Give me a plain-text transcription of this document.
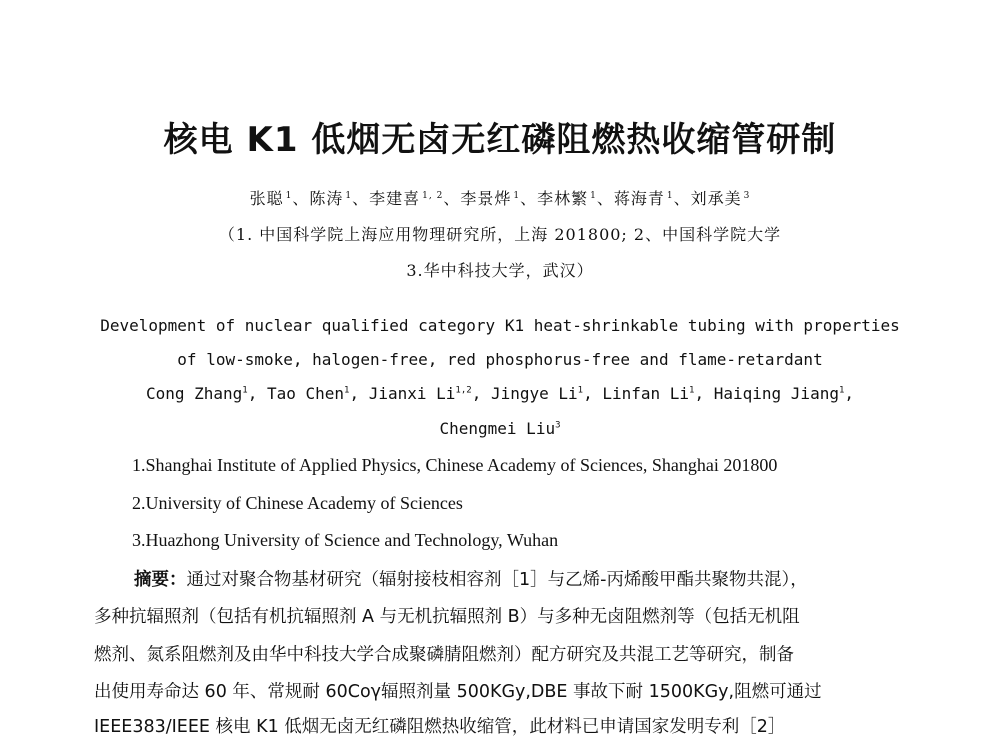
核电 K1 低烟无卤无红磷阻燃热收缩管研制
张聪 $^1$、陈涛 $^1$、李建喜 $^{1, 2}$、李景烨 $^1$、李林繁 $^1$、蒋海青 $^1$、刘承美 $^3$
（1. 中国科学院上海应用物理研究所，上海 201800; 2、中国科学院大学
3.华中科技大学，武汉）
Development of nuclear qualified category K1 heat-shrinkable tubing with properties
of low-smoke, halogen-free, red phosphorus-free and flame-retardant
Cong Zhang$^1$, Tao Chen$^1$, Jianxi Li$^{1,2}$, Jingye Li$^1$, Linfan Li$^1$, Haiqing Jiang$^1$,
Chengmei Liu$^3$
1.Shanghai Institute of Applied Physics, Chinese Academy of Sciences, Shanghai 201800
2.University of Chinese Academy of Sciences
3.Huazhong University of Science and Technology, Wuhan
摘要：通过对聚合物基材研究（辐射接枝相容剂［1］与乙烯-丙烯酸甲酯共聚物共混），
多种抗辐照剂（包括有机抗辐照剂 A 与无机抗辐照剂 B）与多种无卤阻燃剂等（包括无机阻
燃剂、氮系阻燃剂及由华中科技大学合成聚磷腈阻燃剂）配方研究及共混工艺等研究，制备
出使用寿命达 60 年、常规耐 60Coγ辐照剂量 500KGy,DBE 事故下耐 1500KGy,阻燃可通过
IEEE383/IEEE 核电 K1 低烟无卤无红磷阻燃热收缩管，此材料已申请国家发明专利［2］
